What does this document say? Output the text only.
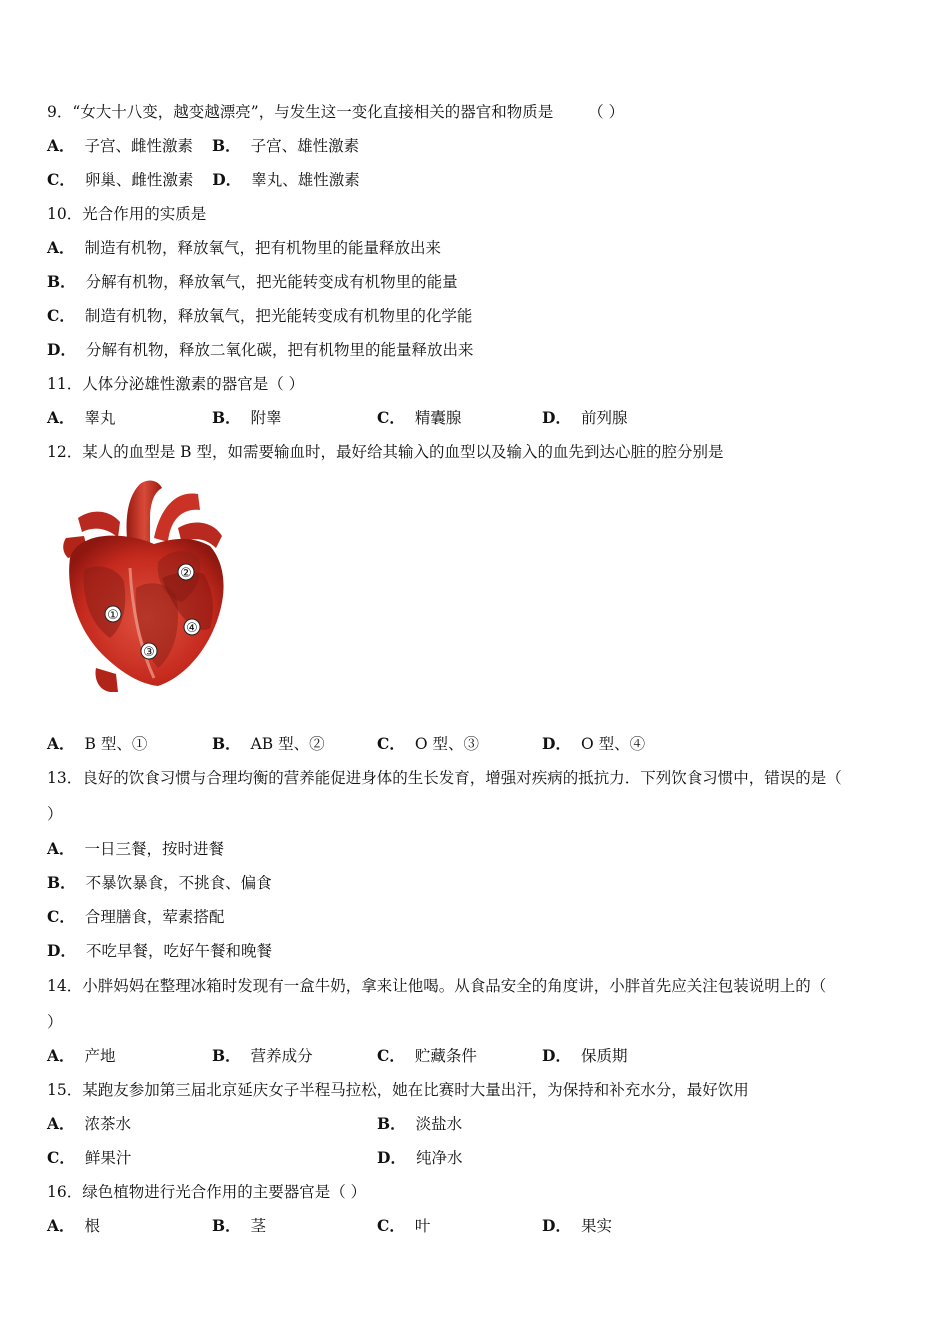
9．“女大十八变，越变越漂亮”，与发生这一变化直接相关的器官和物质是 （ ）
A． 子宫、雌性激素 B． 子宫、雄性激素
C． 卵巢、雌性激素 D． 睾丸、雄性激素
10．光合作用的实质是
A． 制造有机物，释放氧气，把有机物里的能量释放出来
B． 分解有机物，释放氧气，把光能转变成有机物里的能量
C． 制造有机物，释放氧气，把光能转变成有机物里的化学能
D． 分解有机物，释放二氧化碳，把有机物里的能量释放出来
11．人体分泌雄性激素的器官是（ ）
A． 睾丸	B． 附睾	C． 精囊腺	D． 前列腺
12．某人的血型是 B 型，如需要输血时，最好给其输入的血型以及输入的血先到达心脏的腔分别是
①
②
③
④
A． B 型、①	B． AB 型、②	C． O 型、③	D． O 型、④
13．良好的饮食习惯与合理均衡的营养能促进身体的生长发育，增强对疾病的抵抗力．下列饮食习惯中，错误的是（
）
A． 一日三餐，按时进餐
B． 不暴饮暴食，不挑食、偏食
C． 合理膳食，荤素搭配
D． 不吃早餐，吃好午餐和晚餐
14．小胖妈妈在整理冰箱时发现有一盒牛奶，拿来让他喝。从食品安全的角度讲，小胖首先应关注包装说明上的（
）
A． 产地	B． 营养成分	C． 贮藏条件	D． 保质期
15．某跑友参加第三届北京延庆女子半程马拉松，她在比赛时大量出汗，为保持和补充水分，最好饮用
A． 浓茶水	B． 淡盐水
C． 鲜果汁	D． 纯净水
16．绿色植物进行光合作用的主要器官是（ ）
A． 根	B． 茎	C． 叶	D． 果实
